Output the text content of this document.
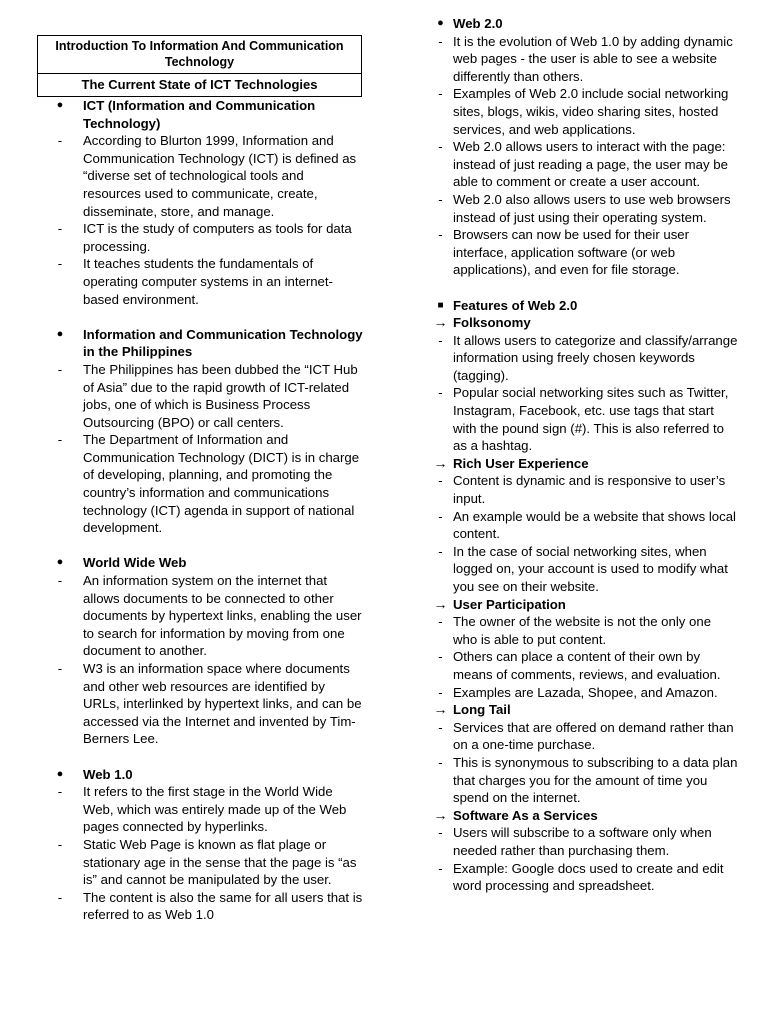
Introduction To Information And Communication Technology
The Current State of ICT Technologies
●	ICT (Information and Communication Technology)
-	According to Blurton 1999, Information and Communication Technology (ICT) is defined as “diverse set of technological tools and resources used to communicate, create, disseminate, store, and manage.
-	ICT is the study of computers as tools for data processing.
-	It teaches students the fundamentals of operating computer systems in an internet-based environment.
●	Information and Communication Technology in the Philippines
-	The Philippines has been dubbed the “ICT Hub of Asia” due to the rapid growth of ICT-related jobs, one of which is Business Process Outsourcing (BPO) or call centers.
-	The Department of Information and Communication Technology (DICT) is in charge of developing, planning, and promoting the country’s information and communications technology (ICT) agenda in support of national development.
●	World Wide Web
-	An information system on the internet that allows documents to be connected to other documents by hypertext links, enabling the user to search for information by moving from one document to another.
-	W3 is an information space where documents and other web resources are identified by URLs, interlinked by hypertext links, and can be accessed via the Internet and invented by Tim-Berners Lee.
●	Web 1.0
-	It refers to the first stage in the World Wide Web, which was entirely made up of the Web pages connected by hyperlinks.
-	Static Web Page is known as flat plage or stationary age in the sense that the page is “as is” and cannot be manipulated by the user.
-	The content is also the same for all users that is referred to as Web 1.0
● Web 2.0
- It is the evolution of Web 1.0 by adding dynamic web pages - the user is able to see a website differently than others.
- Examples of Web 2.0 include social networking sites, blogs, wikis, video sharing sites, hosted services, and web applications.
- Web 2.0 allows users to interact with the page: instead of just reading a page, the user may be able to comment or create a user account.
- Web 2.0 also allows users to use web browsers instead of just using their operating system.
- Browsers can now be used for their user interface, application software (or web applications), and even for file storage.
■ Features of Web 2.0
→ Folksonomy
- It allows users to categorize and classify/arrange information using freely chosen keywords (tagging).
- Popular social networking sites such as Twitter, Instagram, Facebook, etc. use tags that start with the pound sign (#). This is also referred to as a hashtag.
→ Rich User Experience
- Content is dynamic and is responsive to user’s input.
- An example would be a website that shows local content.
- In the case of social networking sites, when logged on, your account is used to modify what you see on their website.
→ User Participation
- The owner of the website is not the only one who is able to put content.
- Others can place a content of their own by means of comments, reviews, and evaluation.
- Examples are Lazada, Shopee, and Amazon.
→ Long Tail
- Services that are offered on demand rather than on a one-time purchase.
- This is synonymous to subscribing to a data plan that charges you for the amount of time you spend on the internet.
→ Software As a Services
- Users will subscribe to a software only when needed rather than purchasing them.
- Example: Google docs used to create and edit word processing and spreadsheet.
